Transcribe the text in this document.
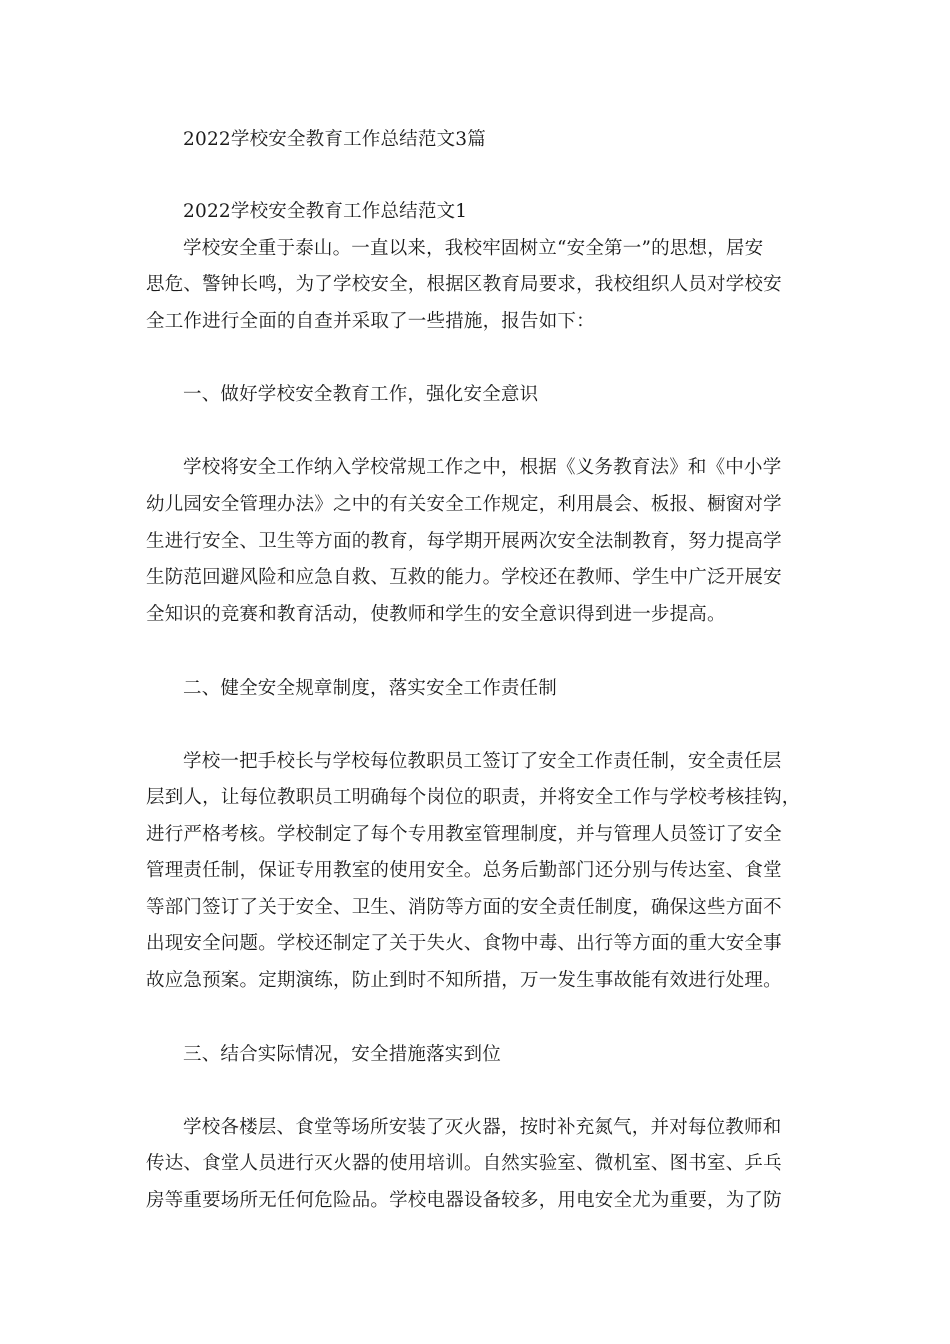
2022学校安全教育工作总结范文3篇
2022学校安全教育工作总结范文1
学校安全重于泰山。一直以来，我校牢固树立“安全第一”的思想，居安
思危、警钟长鸣，为了学校安全，根据区教育局要求，我校组织人员对学校安
全工作进行全面的自查并采取了一些措施，报告如下：
一、做好学校安全教育工作，强化安全意识
学校将安全工作纳入学校常规工作之中，根据《义务教育法》和《中小学
幼儿园安全管理办法》之中的有关安全工作规定，利用晨会、板报、橱窗对学
生进行安全、卫生等方面的教育，每学期开展两次安全法制教育，努力提高学
生防范回避风险和应急自救、互救的能力。学校还在教师、学生中广泛开展安
全知识的竞赛和教育活动，使教师和学生的安全意识得到进一步提高。
二、健全安全规章制度，落实安全工作责任制
学校一把手校长与学校每位教职员工签订了安全工作责任制，安全责任层
层到人，让每位教职员工明确每个岗位的职责，并将安全工作与学校考核挂钩，
进行严格考核。学校制定了每个专用教室管理制度，并与管理人员签订了安全
管理责任制，保证专用教室的使用安全。总务后勤部门还分别与传达室、食堂
等部门签订了关于安全、卫生、消防等方面的安全责任制度，确保这些方面不
出现安全问题。学校还制定了关于失火、食物中毒、出行等方面的重大安全事
故应急预案。定期演练，防止到时不知所措，万一发生事故能有效进行处理。
三、结合实际情况，安全措施落实到位
学校各楼层、食堂等场所安装了灭火器，按时补充氮气，并对每位教师和
传达、食堂人员进行灭火器的使用培训。自然实验室、微机室、图书室、乒乓
房等重要场所无任何危险品。学校电器设备较多，用电安全尤为重要，为了防
